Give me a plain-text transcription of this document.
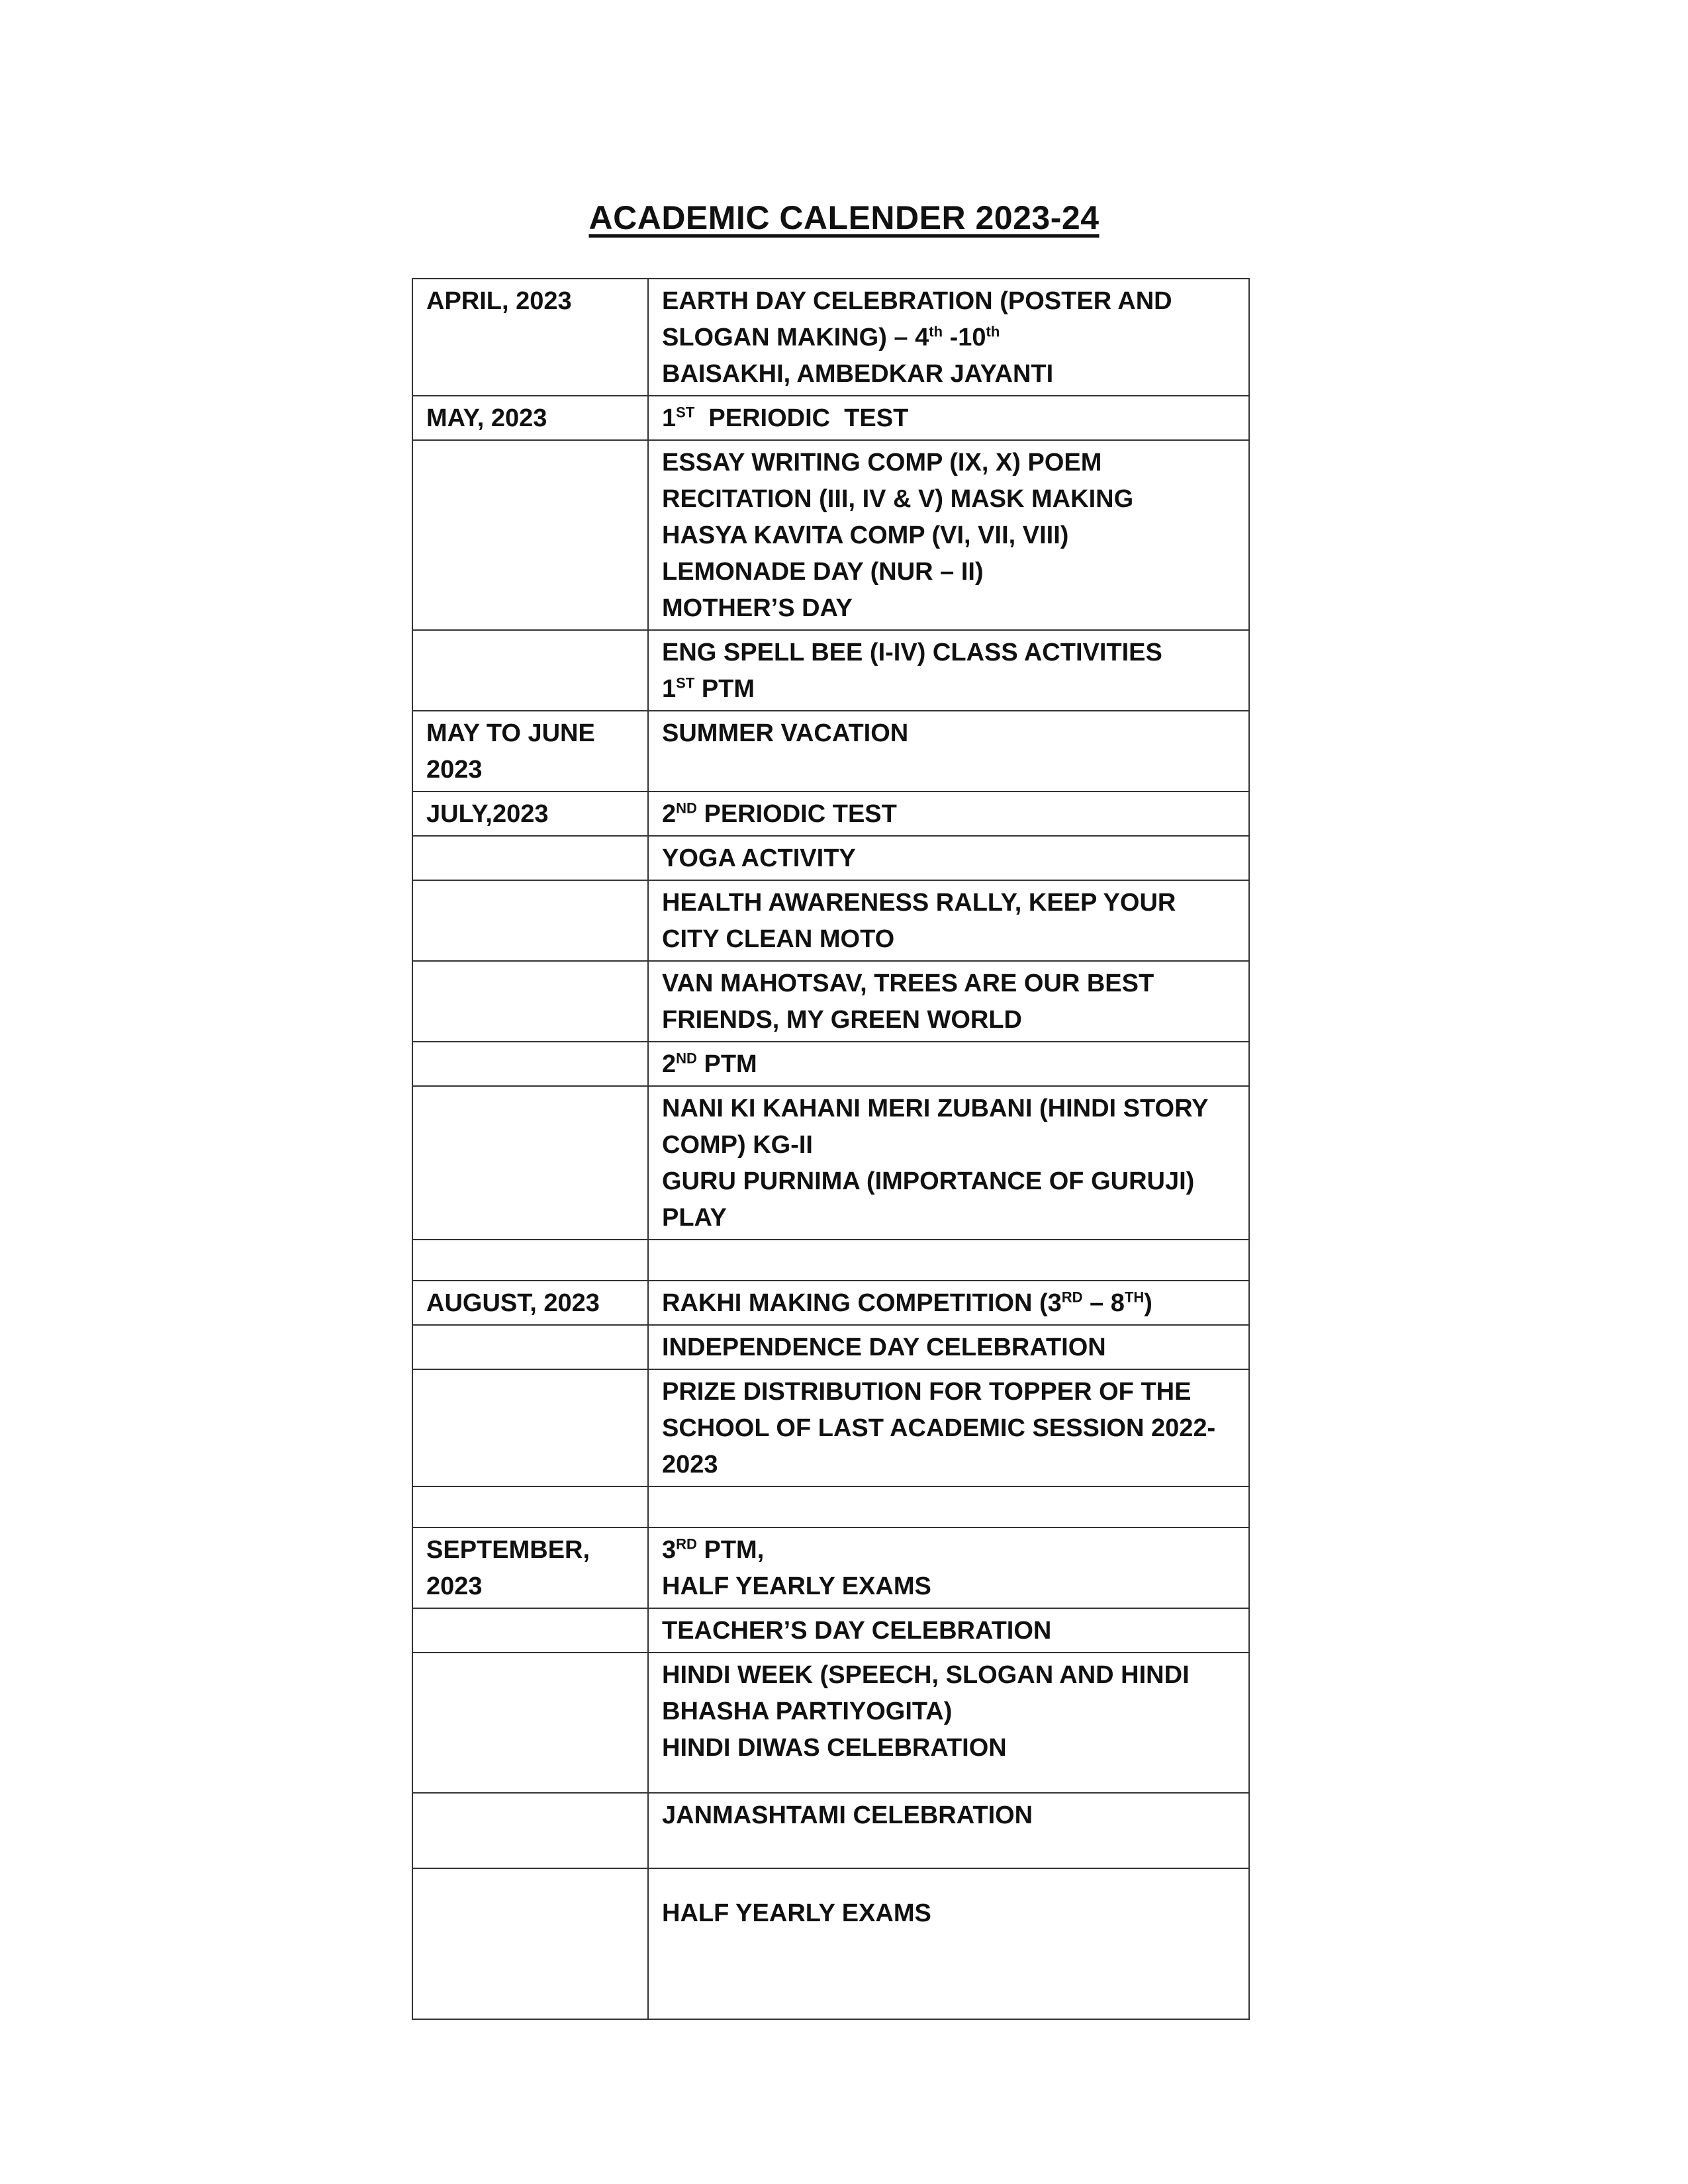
ACADEMIC CALENDER 2023-24
APRIL, 2023	EARTH DAY CELEBRATION (POSTER AND
SLOGAN MAKING) – 4th -10th
BAISAKHI, AMBEDKAR JAYANTI

MAY, 2023	1ST  PERIODIC  TEST

	ESSAY WRITING COMP (IX, X) POEM
RECITATION (III, IV & V) MASK MAKING
HASYA KAVITA COMP (VI, VII, VIII)
LEMONADE DAY (NUR – II)
MOTHER’S DAY

	ENG SPELL BEE (I-IV) CLASS ACTIVITIES
1ST PTM

MAY TO JUNE
2023	SUMMER VACATION
JULY,2023	2ND PERIODIC TEST
	YOGA ACTIVITY

	HEALTH AWARENESS RALLY, KEEP YOUR
CITY CLEAN MOTO

	VAN MAHOTSAV, TREES ARE OUR BEST
FRIENDS, MY GREEN WORLD

	2ND PTM

	NANI KI KAHANI MERI ZUBANI (HINDI STORY
COMP) KG-II
GURU PURNIMA (IMPORTANCE OF GURUJI)
PLAY

AUGUST, 2023	RAKHI MAKING COMPETITION (3RD – 8TH)
	INDEPENDENCE DAY CELEBRATION

	PRIZE DISTRIBUTION FOR TOPPER OF THE
SCHOOL OF LAST ACADEMIC SESSION 2022-
2023

SEPTEMBER,
2023	3RD PTM,
HALF YEARLY EXAMS

	TEACHER’S DAY CELEBRATION

	HINDI WEEK (SPEECH, SLOGAN AND HINDI
BHASHA PARTIYOGITA)
HINDI DIWAS CELEBRATION

	JANMASHTAMI CELEBRATION
	HALF YEARLY EXAMS
